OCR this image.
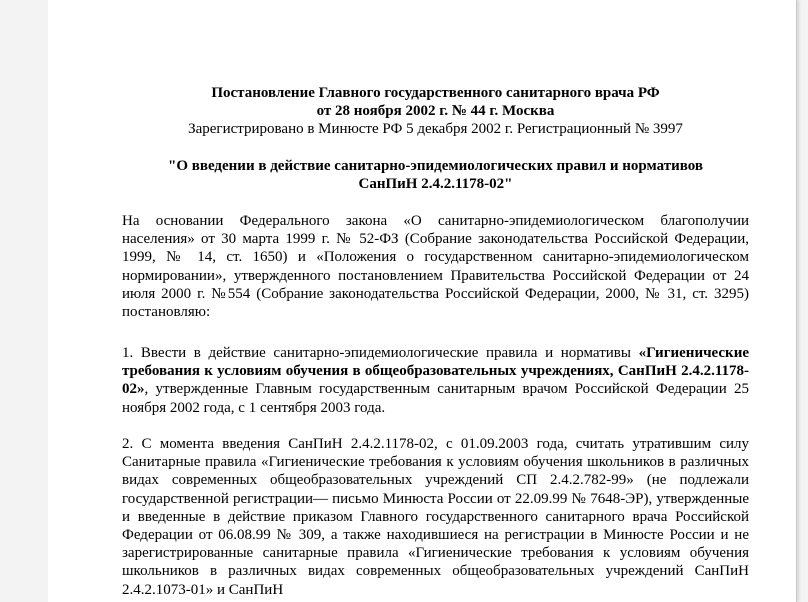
Постановление Главного государственного санитарного врача РФ
от 28 ноября 2002 г. № 44 г. Москва
Зарегистрировано в Минюсте РФ 5 декабря 2002 г. Регистрационный № 3997
"О введении в действие санитарно-эпидемиологических правил и нормативов
СанПиН 2.4.2.1178-02"
На основании Федерального закона «О санитарно-эпидемиологическом благополучии населения» от 30 марта 1999 г. № 52-ФЗ (Собрание законодательства Российской Федерации, 1999, № 14, ст. 1650) и «Положения о государственном санитарно-эпидемиологическом нормировании», утвержденного постановлением Правительства Российской Федерации от 24 июля 2000 г. №554 (Собрание законодательства Российской Федерации, 2000, № 31, ст. 3295) постановляю:
1. Ввести в действие санитарно-эпидемиологические правила и нормативы «Гигиенические требования к условиям обучения в общеобразовательных учреждениях, СанПиН 2.4.2.1178-02», утвержденные Главным государственным санитарным врачом Российской Федерации 25 ноября 2002 года, с 1 сентября 2003 года.
2. С момента введения СанПиН 2.4.2.1178-02, с 01.09.2003 года, считать утратившим силу Санитарные правила «Гигиенические требования к условиям обучения школьников в различных видах современных общеобразовательных учреждений СП 2.4.2.782-99» (не подлежали государственной регистрации— письмо Минюста России от 22.09.99 № 7648-ЭР), утвержденные и введенные в действие приказом Главного государственного санитарного врача Российской Федерации от 06.08.99 № 309, а также находившиеся на регистрации в Минюсте России и не зарегистрированные санитарные правила «Гигиенические требования к условиям обучения школьников в различных видах современных общеобразовательных учреждений СанПиН 2.4.2.1073-01» и СанПиН
